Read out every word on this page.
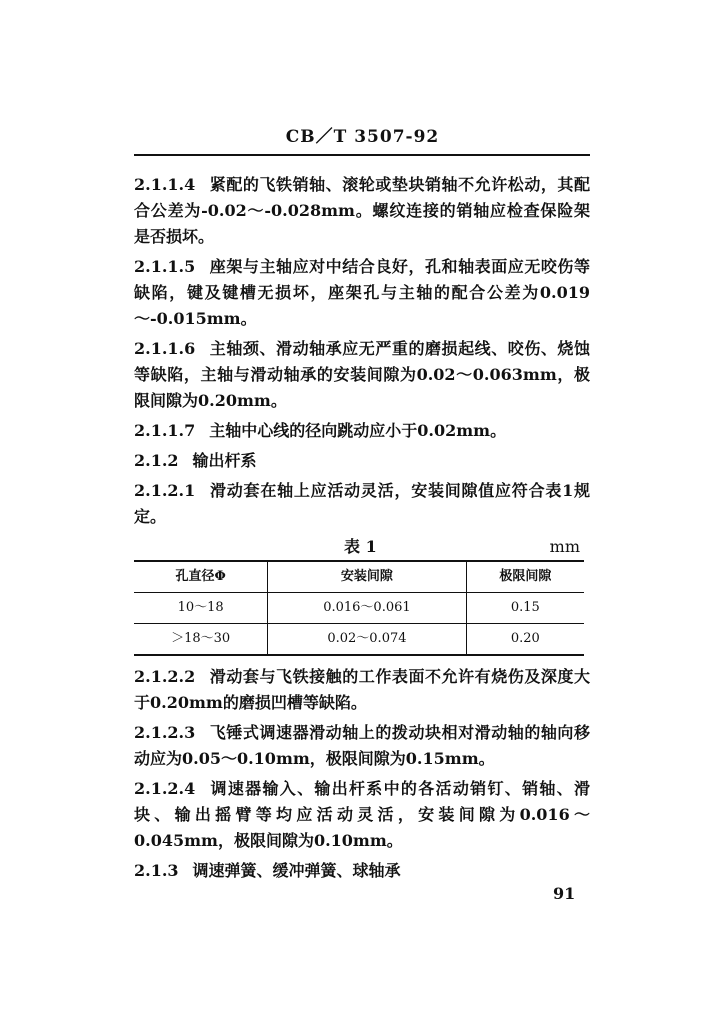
CB／T 3507-92

2.1.1.4 紧配的飞铁销轴、滚轮或垫块销轴不允许松动，其配合公差为-0.02～-0.028mm。螺纹连接的销轴应检查保险架是否损坏。

2.1.1.5 座架与主轴应对中结合良好，孔和轴表面应无咬伤等缺陷，键及键槽无损坏，座架孔与主轴的配合公差为0.019～-0.015mm。

2.1.1.6 主轴颈、滑动轴承应无严重的磨损起线、咬伤、烧蚀等缺陷，主轴与滑动轴承的安装间隙为0.02～0.063mm，极限间隙为0.20mm。

2.1.1.7 主轴中心线的径向跳动应小于0.02mm。

2.1.2 输出杆系

2.1.2.1 滑动套在轴上应活动灵活，安装间隙值应符合表1规定。

表 1	mm
孔直径Φ	安装间隙	极限间隙
10～18	0.016～0.061	0.15
＞18～30	0.02～0.074	0.20

2.1.2.2 滑动套与飞铁接触的工作表面不允许有烧伤及深度大于0.20mm的磨损凹槽等缺陷。

2.1.2.3 飞锤式调速器滑动轴上的拨动块相对滑动轴的轴向移动应为0.05～0.10mm，极限间隙为0.15mm。

2.1.2.4 调速器输入、输出杆系中的各活动销钉、销轴、滑块、输出摇臂等均应活动灵活，安装间隙为0.016～0.045mm，极限间隙为0.10mm。

2.1.3 调速弹簧、缓冲弹簧、球轴承

91
